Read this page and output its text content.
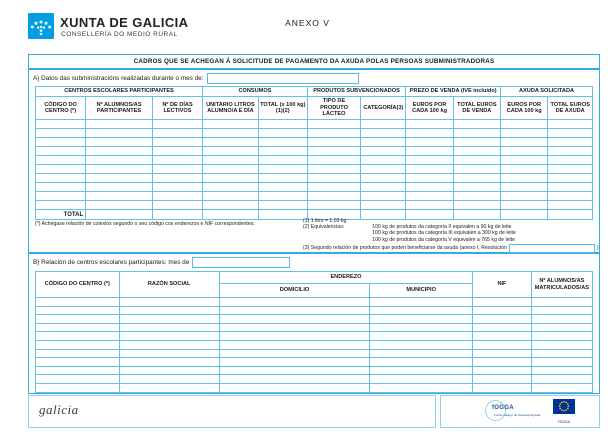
XUNTA DE GALICIA
CONSELLERÍA DO MEDIO RURAL
ANEXO V
CADROS QUE SE ACHEGAN Á SOLICITUDE DE PAGAMENTO DA AXUDA POLAS PERSOAS SUBMINISTRADORAS
A) Datos das subministracións realizadas durante o mes de:
CENTROS ESCOLARES PARTICIPANTES			CONSUMOS		PRODUTOS SUBVENCIONADOS		PREZO DE VENDA (IVE incluído)		AXUDA SOLICITADA	
CÓDIGO DO CENTRO (*)	Nº ALUMNOS/AS PARTICIPANTES	Nº DE DÍAS LECTIVOS	UNITARIO LITROS ALUMNO/A E DÍA	TOTAL (x 100 kg)(1)(2)	TIPO DE PRODUTO LÁCTEO	CATEGORÍA(3)	EUROS POR CADA 100 kg	TOTAL EUROS DE VENDA	EUROS POR CADA 100 kg	TOTAL EUROS DE AXUDA

TOTAL										
(*) Achégase relación de colexios segundo o seu código cos enderezos e NIF correspondentes.	(1) 1 litro = 1,03 kg
(2) Equivalencias:	100 kg de produtos da categoría II equivalen a 90 kg de leite
100 kg de produtos da categoría III equivalen a 300 kg de leite
100 kg de produtos da categoría V equivalen a 765 kg de leite
(3) Segundo relación de produtos que poden beneficiarse da axuda (anexo I, Resolución	)
B) Relación de centros escolares participantes: mes de
CÓDIGO DO CENTRO (*)	RAZÓN SOCIAL	ENDEREZO		NIF	Nº ALUMNOS/AS MATRICULADOS/AS
		DOMICILIO	MUNICIPIO		

galicia	fOGGA
Fondo Galego de Garantía Agraria
FEAGA
